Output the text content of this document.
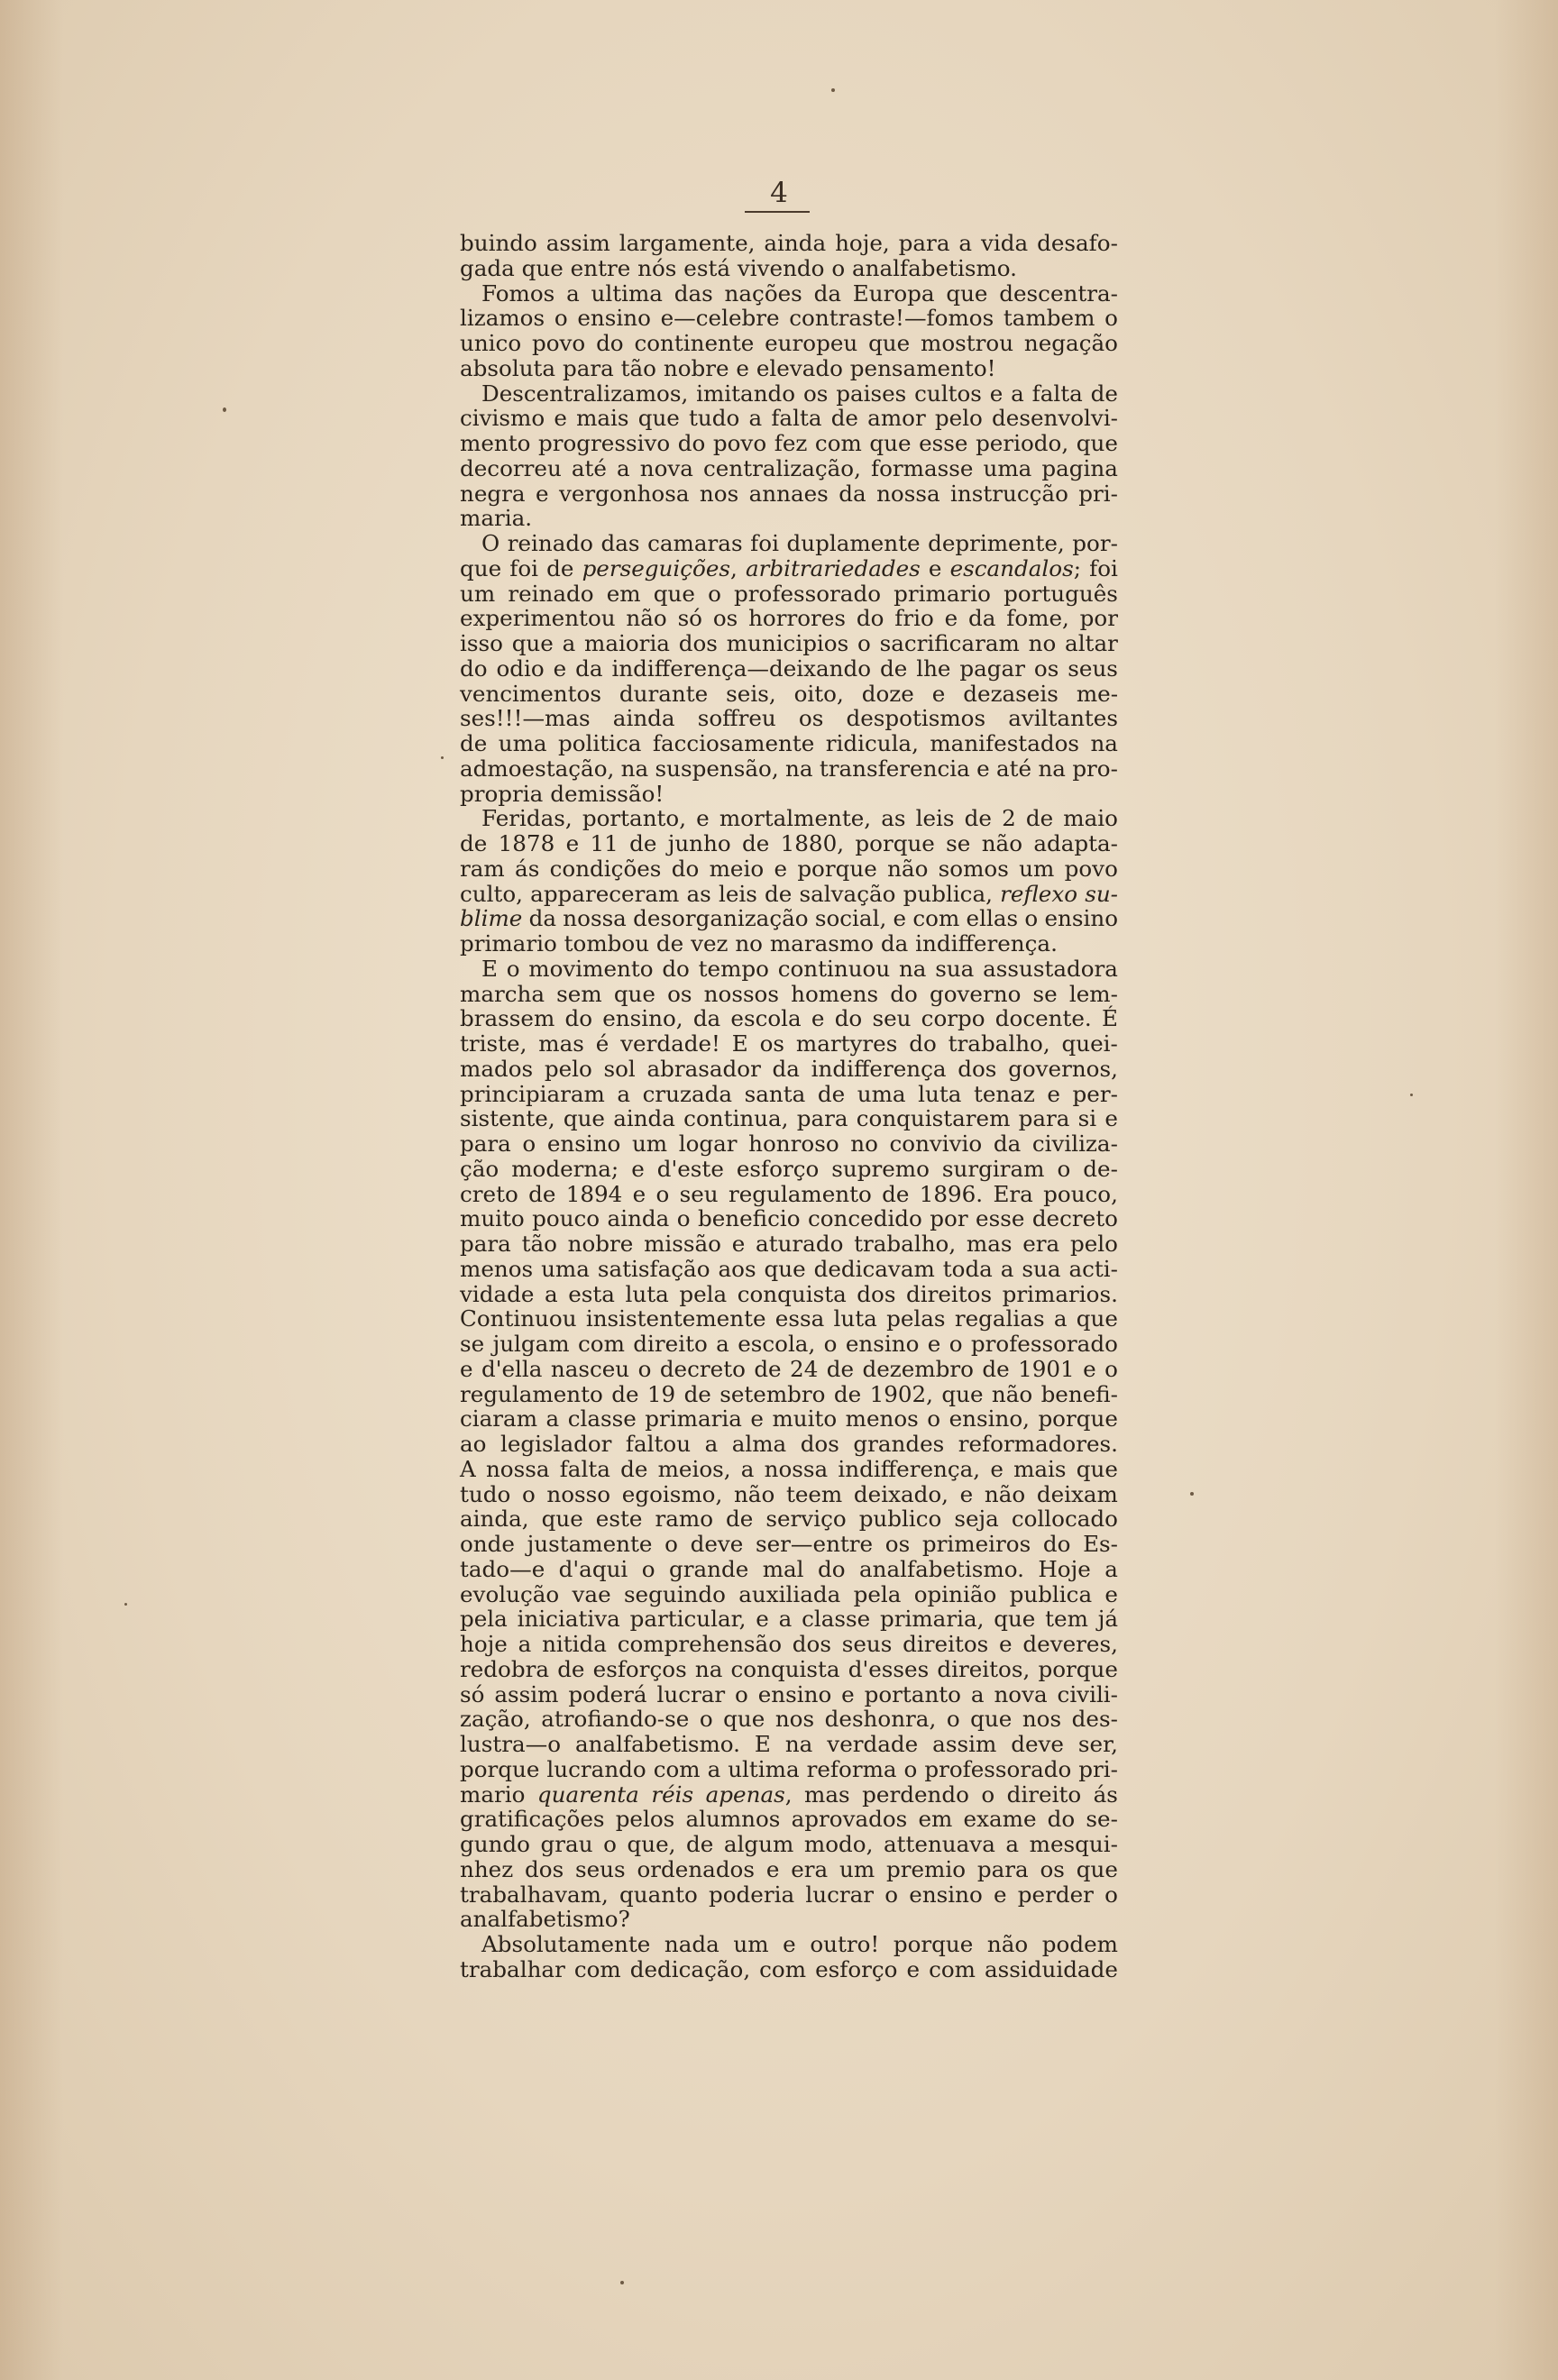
4
buindo assim largamente, ainda hoje, para a vida desafo-
gada que entre nós está vivendo o analfabetismo.
Fomos a ultima das nações da Europa que descentra-
lizamos o ensino e—celebre contraste!—fomos tambem o
unico povo do continente europeu que mostrou negação
absoluta para tão nobre e elevado pensamento!
Descentralizamos, imitando os paises cultos e a falta de
civismo e mais que tudo a falta de amor pelo desenvolvi-
mento progressivo do povo fez com que esse periodo, que
decorreu até a nova centralização, formasse uma pagina
negra e vergonhosa nos annaes da nossa instrucção pri-
maria.
O reinado das camaras foi duplamente deprimente, por-
que foi de perseguições, arbitrariedades e escandalos; foi
um reinado em que o professorado primario português
experimentou não só os horrores do frio e da fome, por
isso que a maioria dos municipios o sacrificaram no altar
do odio e da indifferença—deixando de lhe pagar os seus
vencimentos durante seis, oito, doze e dezaseis me-
ses!!!—mas ainda soffreu os despotismos aviltantes
de uma politica facciosamente ridicula, manifestados na
admoestação, na suspensão, na transferencia e até na pro-
propria demissão!
Feridas, portanto, e mortalmente, as leis de 2 de maio
de 1878 e 11 de junho de 1880, porque se não adapta-
ram ás condições do meio e porque não somos um povo
culto, appareceram as leis de salvação publica, reflexo su-
blime da nossa desorganização social, e com ellas o ensino
primario tombou de vez no marasmo da indifferença.
E o movimento do tempo continuou na sua assustadora
marcha sem que os nossos homens do governo se lem-
brassem do ensino, da escola e do seu corpo docente. É
triste, mas é verdade! E os martyres do trabalho, quei-
mados pelo sol abrasador da indifferença dos governos,
principiaram a cruzada santa de uma luta tenaz e per-
sistente, que ainda continua, para conquistarem para si e
para o ensino um logar honroso no convivio da civiliza-
ção moderna; e d'este esforço supremo surgiram o de-
creto de 1894 e o seu regulamento de 1896. Era pouco,
muito pouco ainda o beneficio concedido por esse decreto
para tão nobre missão e aturado trabalho, mas era pelo
menos uma satisfação aos que dedicavam toda a sua acti-
vidade a esta luta pela conquista dos direitos primarios.
Continuou insistentemente essa luta pelas regalias a que
se julgam com direito a escola, o ensino e o professorado
e d'ella nasceu o decreto de 24 de dezembro de 1901 e o
regulamento de 19 de setembro de 1902, que não benefi-
ciaram a classe primaria e muito menos o ensino, porque
ao legislador faltou a alma dos grandes reformadores.
A nossa falta de meios, a nossa indifferença, e mais que
tudo o nosso egoismo, não teem deixado, e não deixam
ainda, que este ramo de serviço publico seja collocado
onde justamente o deve ser—entre os primeiros do Es-
tado—e d'aqui o grande mal do analfabetismo. Hoje a
evolução vae seguindo auxiliada pela opinião publica e
pela iniciativa particular, e a classe primaria, que tem já
hoje a nitida comprehensão dos seus direitos e deveres,
redobra de esforços na conquista d'esses direitos, porque
só assim poderá lucrar o ensino e portanto a nova civili-
zação, atrofiando-se o que nos deshonra, o que nos des-
lustra—o analfabetismo. E na verdade assim deve ser,
porque lucrando com a ultima reforma o professorado pri-
mario quarenta réis apenas, mas perdendo o direito ás
gratificações pelos alumnos aprovados em exame do se-
gundo grau o que, de algum modo, attenuava a mesqui-
nhez dos seus ordenados e era um premio para os que
trabalhavam, quanto poderia lucrar o ensino e perder o
analfabetismo?
Absolutamente nada um e outro! porque não podem
trabalhar com dedicação, com esforço e com assiduidade
